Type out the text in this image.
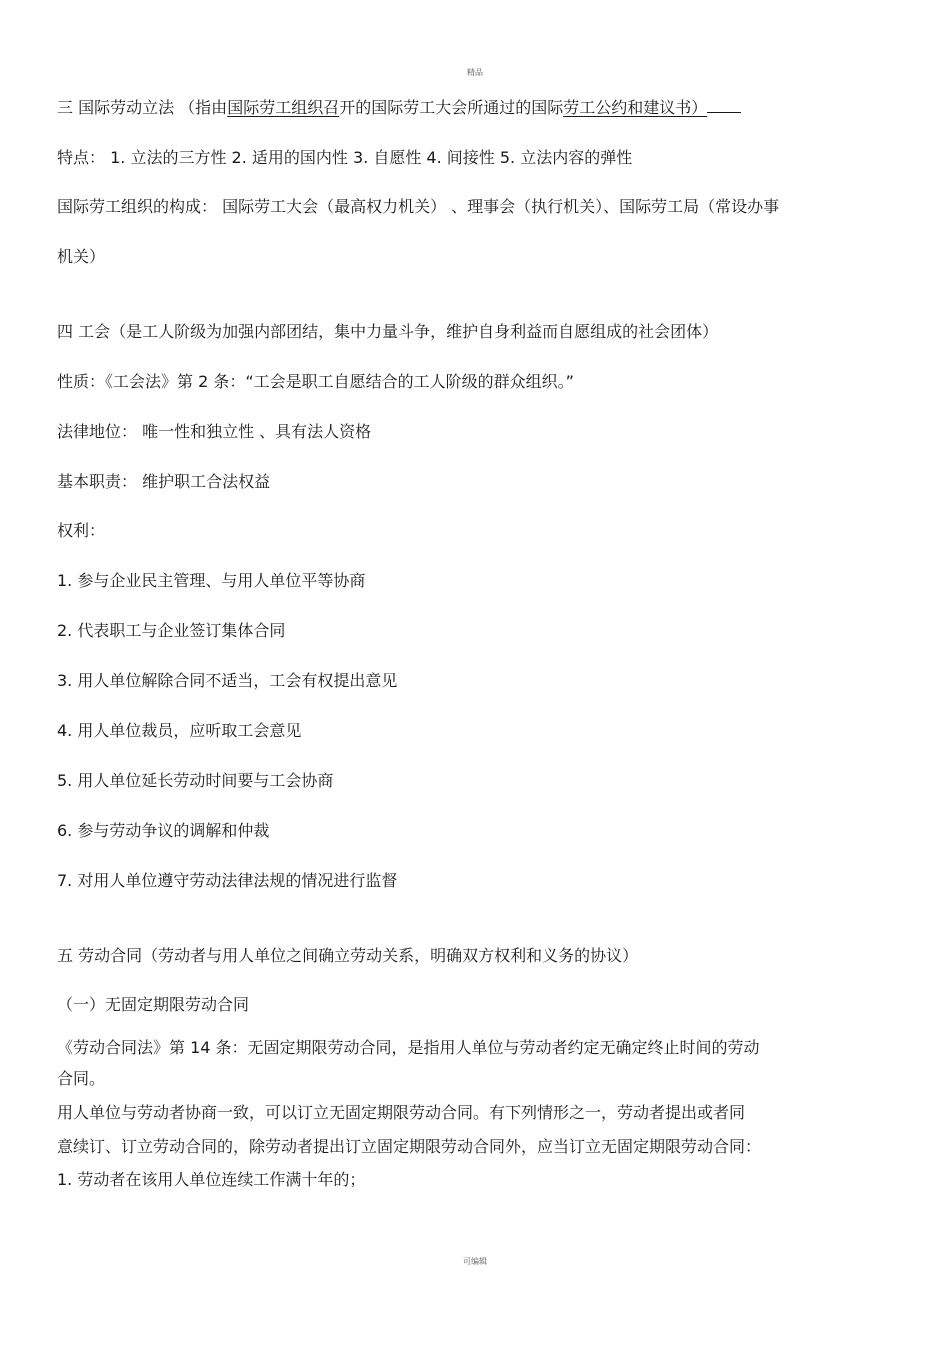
精品
三 国际劳动立法 （指由国际劳工组织召开的国际劳工大会所通过的国际劳工公约和建议书）
特点： 1. 立法的三方性 2. 适用的国内性 3. 自愿性 4. 间接性 5. 立法内容的弹性
国际劳工组织的构成： 国际劳工大会（最高权力机关） 、理事会（执行机关）、国际劳工局（常设办事
机关）
四 工会（是工人阶级为加强内部团结，集中力量斗争，维护自身利益而自愿组成的社会团体）
性质：《工会法》第 2 条：“工会是职工自愿结合的工人阶级的群众组织。”
法律地位： 唯一性和独立性 、具有法人资格
基本职责： 维护职工合法权益
权利：
1. 参与企业民主管理、与用人单位平等协商
2. 代表职工与企业签订集体合同
3. 用人单位解除合同不适当，工会有权提出意见
4. 用人单位裁员，应听取工会意见
5. 用人单位延长劳动时间要与工会协商
6. 参与劳动争议的调解和仲裁
7. 对用人单位遵守劳动法律法规的情况进行监督
五 劳动合同（劳动者与用人单位之间确立劳动关系，明确双方权利和义务的协议）
（一）无固定期限劳动合同
《劳动合同法》第 14 条：无固定期限劳动合同，是指用人单位与劳动者约定无确定终止时间的劳动
合同。
用人单位与劳动者协商一致，可以订立无固定期限劳动合同。有下列情形之一，劳动者提出或者同
意续订、订立劳动合同的，除劳动者提出订立固定期限劳动合同外，应当订立无固定期限劳动合同：
1. 劳动者在该用人单位连续工作满十年的；
可编辑
